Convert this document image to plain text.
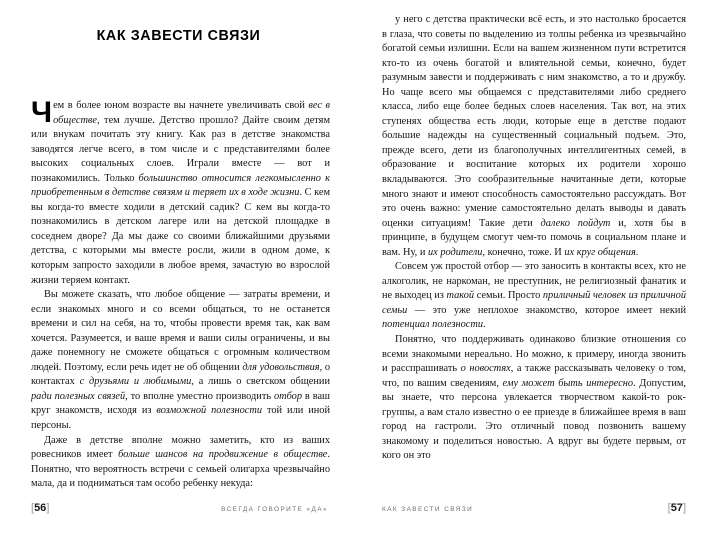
КАК ЗАВЕСТИ СВЯЗИ

Чем в более юном возрасте вы начнете увеличивать свой вес в обществе, тем лучше. Детство прошло? Дайте своим детям или внукам почитать эту книгу. Как раз в детстве знакомства заводятся легче всего, в том числе и с представителями более высоких социальных слоев. Играли вместе — вот и познакомились. Только большинство относится легкомысленно к приобретенным в детстве связям и теряет их в ходе жизни. С кем вы когда-то вместе ходили в детский садик? С кем вы когда-то познакомились в детском лагере или на детской площадке в соседнем дворе? Да мы даже со своими ближайшими друзьями детства, с которыми мы вместе росли, жили в одном доме, к которым запросто заходили в любое время, зачастую во взрослой жизни теряем контакт.

Вы можете сказать, что любое общение — затраты времени, и если знакомых много и со всеми общаться, то не останется времени и сил на себя, на то, чтобы провести время так, как вам хочется. Разумеется, и ваше время и ваши силы ограничены, и вы даже понемногу не сможете общаться с огромным количеством людей. Поэтому, если речь идет не об общении для удовольствия, о контактах с друзьями и любимыми, а лишь о светском общении ради полезных связей, то вполне уместно производить отбор в ваш круг знакомств, исходя из возможной полезности той или иной персоны.

Даже в детстве вполне можно заметить, кто из ваших ровесников имеет больше шансов на продвижение в обществе. Понятно, что вероятность встречи с семьей олигарха чрезвычайно мала, да и подниматься там особо ребенку некуда:

[56]	ВСЕГДА ГОВОРИТЕ «ДА»

у него с детства практически всё есть, и это настолько бросается в глаза, что советы по выделению из толпы ребенка из чрезвычайно богатой семьи излишни. Если на вашем жизненном пути встретится кто-то из очень богатой и влиятельной семьи, конечно, будет разумным завести и поддерживать с ним знакомство, а то и дружбу. Но чаще всего мы общаемся с представителями либо среднего класса, либо еще более бедных слоев населения. Так вот, на этих ступенях общества есть люди, которые еще в детстве подают большие надежды на существенный социальный подъем. Это, прежде всего, дети из благополучных интеллигентных семей, в образование и воспитание которых их родители хорошо вкладываются. Это сообразительные начитанные дети, которые много знают и имеют способность самостоятельно рассуждать. Вот это очень важно: умение самостоятельно делать выводы и давать оценки ситуациям! Такие дети далеко пойдут и, хотя бы в принципе, в будущем смогут чем-то помочь в социальном плане и вам. Ну, и их родители, конечно, тоже. И их круг общения.

Совсем уж простой отбор — это заносить в контакты всех, кто не алкоголик, не наркоман, не преступник, не религиозный фанатик и не выходец из такой семьи. Просто приличный человек из приличной семьи — это уже неплохое знакомство, которое имеет некий потенциал полезности.

Понятно, что поддерживать одинаково близкие отношения со всеми знакомыми нереально. Но можно, к примеру, иногда звонить и расспрашивать о новостях, а также рассказывать человеку о том, что, по вашим сведениям, ему может быть интересно. Допустим, вы знаете, что персона увлекается творчеством какой-то рок-группы, а вам стало известно о ее приезде в ближайшее время в ваш город на гастроли. Это отличный повод позвонить вашему знакомому и поделиться новостью. А вдруг вы будете первым, от кого он это

КАК ЗАВЕСТИ СВЯЗИ	[57]
